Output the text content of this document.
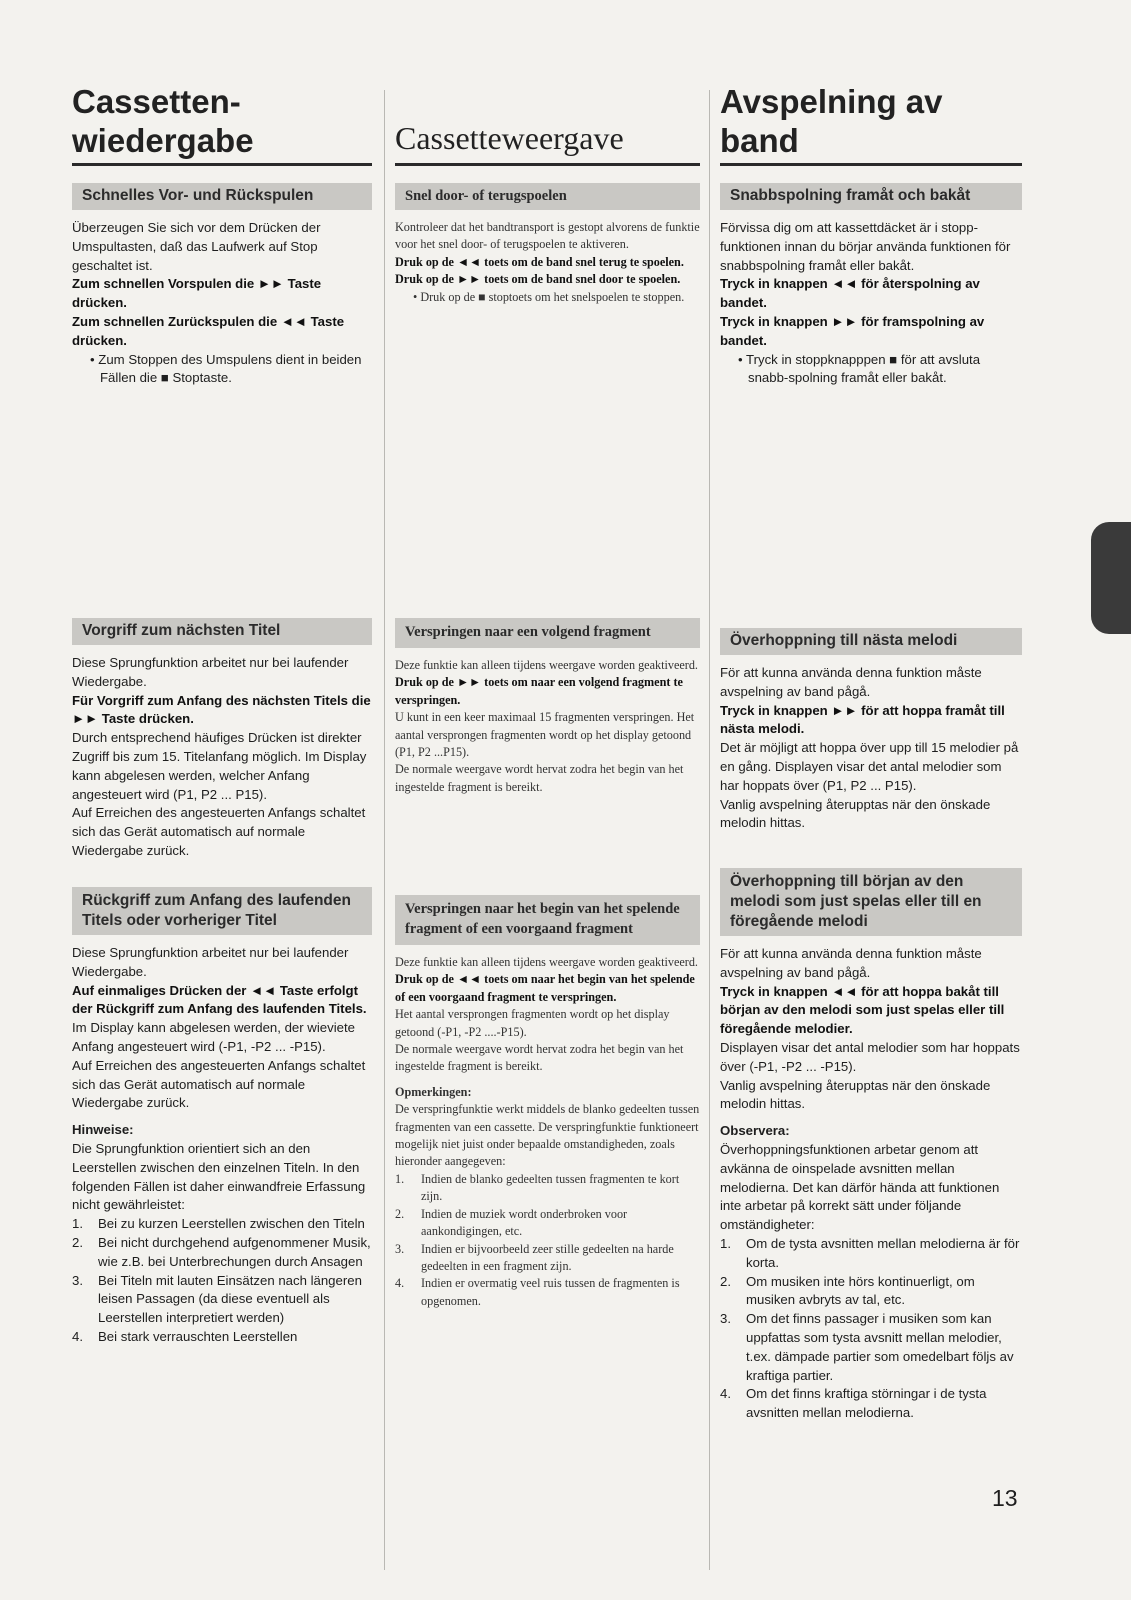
Cassetten-
wiedergabe
Schnelles Vor- und Rückspulen

Überzeugen Sie sich vor dem Drücken der Umspultasten, daß das Laufwerk auf Stop geschaltet ist.

Zum schnellen Vorspulen die ►► Taste drücken.

Zum schnellen Zurückspulen die ◄◄ Taste drücken.

• Zum Stoppen des Umspulens dient in beiden Fällen die ■ Stoptaste.

Vorgriff zum nächsten Titel

Diese Sprungfunktion arbeitet nur bei laufender Wiedergabe.

Für Vorgriff zum Anfang des nächsten Titels die ►► Taste drücken.

Durch entsprechend häufiges Drücken ist direkter Zugriff bis zum 15. Titelanfang möglich. Im Display kann abgelesen werden, welcher Anfang angesteuert wird (P1, P2 ... P15).

Auf Erreichen des angesteuerten Anfangs schaltet sich das Gerät automatisch auf normale Wiedergabe zurück.

Rückgriff zum Anfang des laufenden Titels oder vorheriger Titel

Diese Sprungfunktion arbeitet nur bei laufender Wiedergabe.

Auf einmaliges Drücken der ◄◄ Taste erfolgt der Rückgriff zum Anfang des laufenden Titels.

Im Display kann abgelesen werden, der wieviete Anfang angesteuert wird (-P1, -P2 ... -P15).

Auf Erreichen des angesteuerten Anfangs schaltet sich das Gerät automatisch auf normale Wiedergabe zurück.

Hinweise:

Die Sprungfunktion orientiert sich an den Leerstellen zwischen den einzelnen Titeln. In den folgenden Fällen ist daher einwandfreie Erfassung nicht gewährleistet:

1.	Bei zu kurzen Leerstellen zwischen den Titeln
2.	Bei nicht durchgehend aufgenommener Musik, wie z.B. bei Unterbrechungen durch Ansagen
3.	Bei Titeln mit lauten Einsätzen nach längeren leisen Passagen (da diese eventuell als Leerstellen interpretiert werden)
4.	Bei stark verrauschten Leerstellen
Cassetteweergave
Snel door- of terugspoelen

Kontroleer dat het bandtransport is gestopt alvorens de funktie voor het snel door- of terugspoelen te aktiveren.

Druk op de ◄◄ toets om de band snel terug te spoelen.

Druk op de ►► toets om de band snel door te spoelen.

• Druk op de ■ stoptoets om het snelspoelen te stoppen.

Verspringen naar een volgend fragment

Deze funktie kan alleen tijdens weergave worden geaktiveerd.

Druk op de ►► toets om naar een volgend fragment te verspringen.

U kunt in een keer maximaal 15 fragmenten verspringen. Het aantal versprongen fragmenten wordt op het display getoond (P1, P2 ...P15).

De normale weergave wordt hervat zodra het begin van het ingestelde fragment is bereikt.

Verspringen naar het begin van het spelende fragment of een voorgaand fragment

Deze funktie kan alleen tijdens weergave worden geaktiveerd.

Druk op de ◄◄ toets om naar het begin van het spelende of een voorgaand fragment te verspringen.

Het aantal versprongen fragmenten wordt op het display getoond (-P1, -P2 ....-P15).

De normale weergave wordt hervat zodra het begin van het ingestelde fragment is bereikt.

Opmerkingen:

De verspringfunktie werkt middels de blanko gedeelten tussen fragmenten van een cassette. De verspringfunktie funktioneert mogelijk niet juist onder bepaalde omstandigheden, zoals hieronder aangegeven:

1.	Indien de blanko gedeelten tussen fragmenten te kort zijn.
2.	Indien de muziek wordt onderbroken voor aankondigingen, etc.
3.	Indien er bijvoorbeeld zeer stille gedeelten na harde gedeelten in een fragment zijn.
4.	Indien er overmatig veel ruis tussen de fragmenten is opgenomen.
Avspelning av
band
Snabbspolning framåt och bakåt

Förvissa dig om att kassettdäcket är i stopp-funktionen innan du börjar använda funktionen för snabbspolning framåt eller bakåt.

Tryck in knappen ◄◄ för återspolning av bandet.

Tryck in knappen ►► för framspolning av bandet.

• Tryck in stoppknapppen ■ för att avsluta snabb-spolning framåt eller bakåt.

Överhoppning till nästa melodi

För att kunna använda denna funktion måste avspelning av band pågå.

Tryck in knappen ►► för att hoppa framåt till nästa melodi.

Det är möjligt att hoppa över upp till 15 melodier på en gång. Displayen visar det antal melodier som har hoppats över (P1, P2 ... P15).

Vanlig avspelning återupptas när den önskade melodin hittas.

Överhoppning till början av den melodi som just spelas eller till en föregående melodi

För att kunna använda denna funktion måste avspelning av band pågå.

Tryck in knappen ◄◄ för att hoppa bakåt till början av den melodi som just spelas eller till föregående melodier.

Displayen visar det antal melodier som har hoppats över (-P1, -P2 ... -P15).

Vanlig avspelning återupptas när den önskade melodin hittas.

Observera:

Överhoppningsfunktionen arbetar genom att avkänna de oinspelade avsnitten mellan melodierna. Det kan därför hända att funktionen inte arbetar på korrekt sätt under följande omständigheter:

1.	Om de tysta avsnitten mellan melodierna är för korta.
2.	Om musiken inte hörs kontinuerligt, om musiken avbryts av tal, etc.
3.	Om det finns passager i musiken som kan uppfattas som tysta avsnitt mellan melodier, t.ex. dämpade partier som omedelbart följs av kraftiga partier.
4.	Om det finns kraftiga störningar i de tysta avsnitten mellan melodierna.
13
